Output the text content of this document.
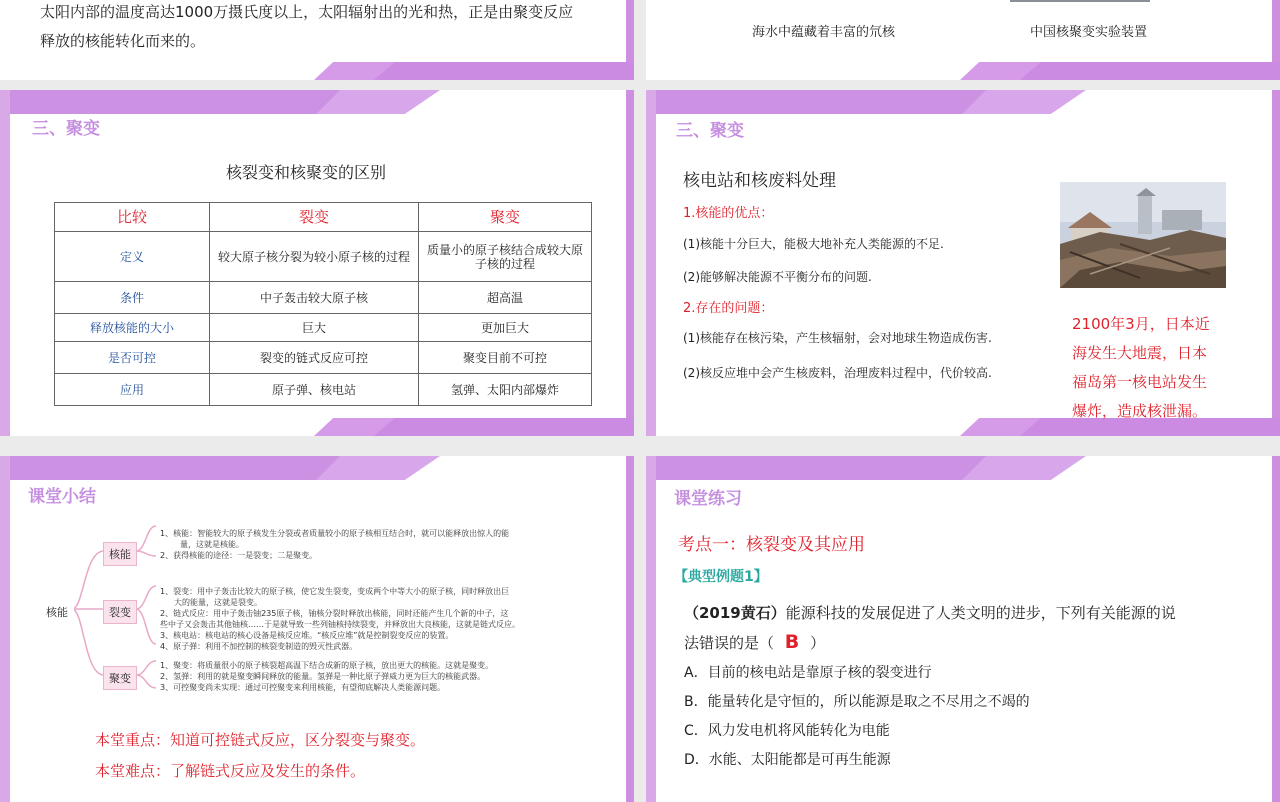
太阳内部的温度高达1000万摄氏度以上，太阳辐射出的光和热，正是由聚变反应
释放的核能转化而来的。	海水中蕴藏着丰富的氘核	中国核聚变实验装置
三、聚变
核裂变和核聚变的区别
比较	裂变	聚变
定义	较大原子核分裂为较小原子核的过程	质量小的原子核结合成较大原子核的过程
条件	中子轰击较大原子核	超高温
释放核能的大小	巨大	更加巨大
是否可控	裂变的链式反应可控	聚变目前不可控
应用	原子弹、核电站	氢弹、太阳内部爆炸
三、聚变
核电站和核废料处理
1.核能的优点：
(1)核能十分巨大，能极大地补充人类能源的不足.
(2)能够解决能源不平衡分布的问题.
2.存在的问题：
(1)核能存在核污染，产生核辐射，会对地球生物造成伤害.
(2)核反应堆中会产生核废料，治理废料过程中，代价较高.
2100年3月，日本近
海发生大地震，日本
福岛第一核电站发生
爆炸，造成核泄漏。
课堂小结
核能
核能
裂变
聚变
1、核能：智能较大的原子核发生分裂或者质量较小的原子核相互结合时，就可以能释放出惊人的能
量，这就是核能。
2、获得核能的途径：一是裂变；二是聚变。
1、裂变：用中子轰击比较大的原子核，使它发生裂变，变成两个中等大小的原子核，同时释放出巨
大的能量，这就是裂变。
2、链式反应：用中子轰击铀235原子核，铀核分裂时释放出核能，同时还能产生几个新的中子，这
些中子又会轰击其他铀核……于是就导致一些列铀核持续裂变，并释放出大良核能，这就是链式反应。
3、核电站：核电站的核心设备是核反应堆。“核反应堆”就是控制裂变反应的装置。
4、原子弹：利用不加控制的核裂变制造的毁灭性武器。
1、聚变：将质量很小的原子核裂超高温下结合成新的原子核，放出更大的核能。这就是聚变。
2、氢弹：利用的就是聚变瞬间释放的能量。氢弹是一种比原子弹威力更为巨大的核能武器。
3、可控聚变尚未实现：通过可控聚变来利用核能，有望彻底解决人类能源问题。
本堂重点：知道可控链式反应，区分裂变与聚变。
本堂难点：了解链式反应及发生的条件。
课堂练习
考点一：核裂变及其应用
【典型例题1】
（2019黄石）能源科技的发展促进了人类文明的进步，下列有关能源的说
法错误的是（ B ）
A．目前的核电站是靠原子核的裂变进行
B．能量转化是守恒的，所以能源是取之不尽用之不竭的
C．风力发电机将风能转化为电能
D．水能、太阳能都是可再生能源
